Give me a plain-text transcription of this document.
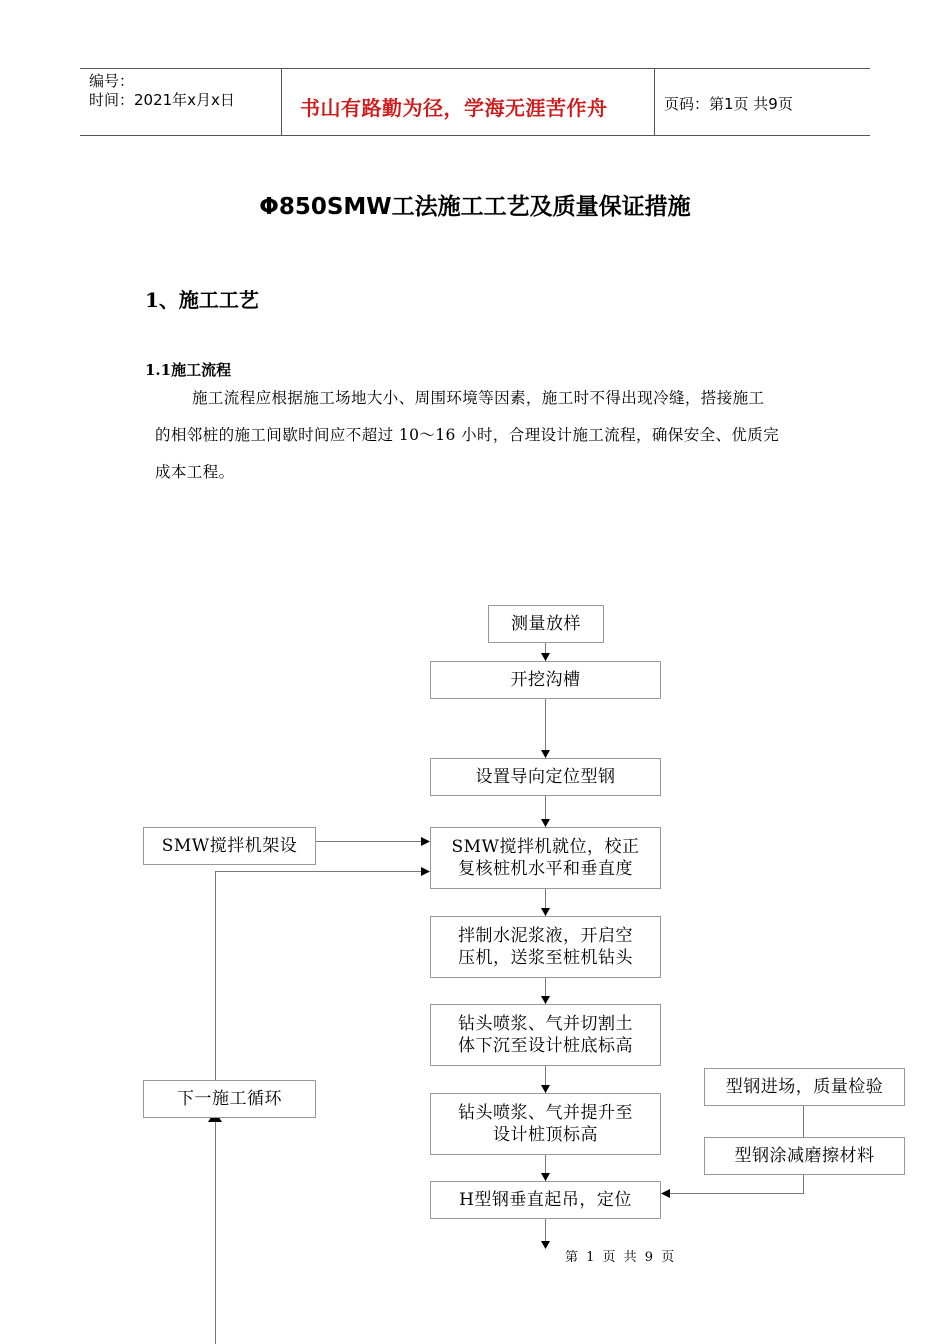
编号：
时间：2021年x月x日	书山有路勤为径，学海无涯苦作舟	页码：第1页 共9页
Φ850SMW工法施工工艺及质量保证措施
1、施工工艺
1.1施工流程
施工流程应根据施工场地大小、周围环境等因素，施工时不得出现冷缝，搭接施工
的相邻桩的施工间歇时间应不超过 10～16 小时，合理设计施工流程，确保安全、优质完
成本工程。
测量放样
开挖沟槽
设置导向定位型钢
SMW搅拌机就位，校正
复核桩机水平和垂直度
拌制水泥浆液，开启空
压机，送浆至桩机钻头
钻头喷浆、气并切割土
体下沉至设计桩底标高
钻头喷浆、气并提升至
设计桩顶标高
H型钢垂直起吊，定位
SMW搅拌机架设
下一施工循环
型钢进场，质量检验
型钢涂减磨擦材料
第 1 页 共 9 页
